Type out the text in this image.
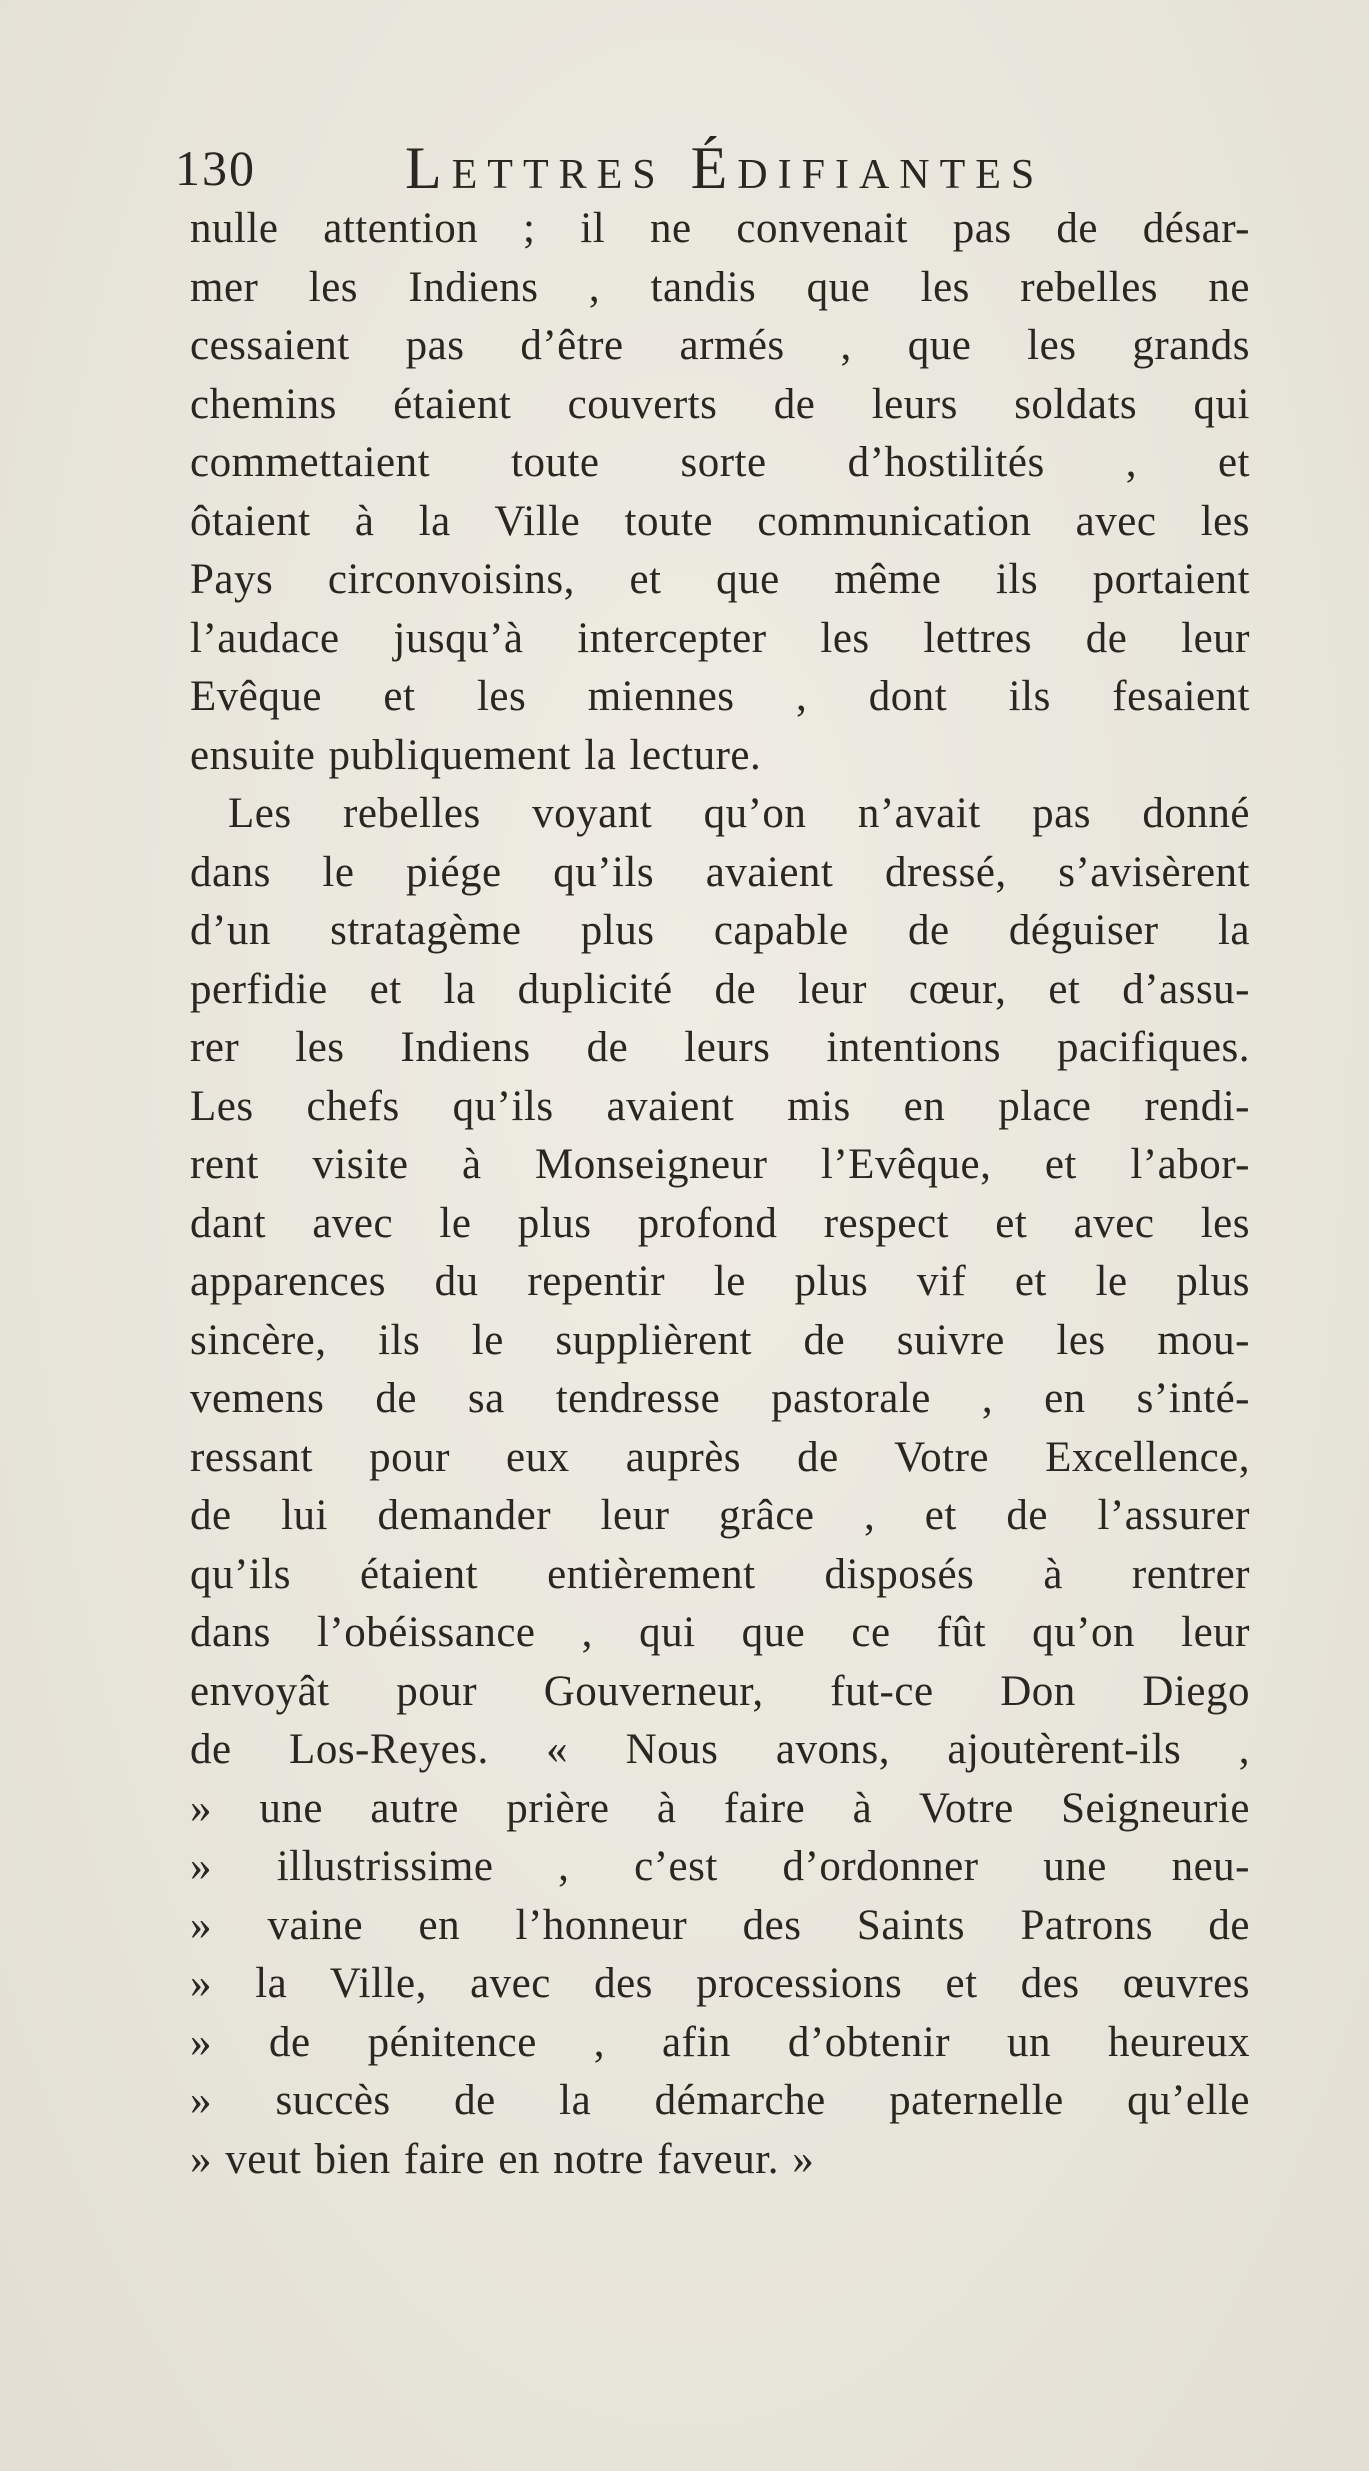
130 Lettres Édifiantes
nulle attention ; il ne convenait pas de désar-
mer les Indiens , tandis que les rebelles ne
cessaient pas d’être armés , que les grands
chemins étaient couverts de leurs soldats qui
commettaient toute sorte d’hostilités , et
ôtaient à la Ville toute communication avec les
Pays circonvoisins, et que même ils portaient
l’audace jusqu’à intercepter les lettres de leur
Evêque et les miennes , dont ils fesaient
ensuite publiquement la lecture.
Les rebelles voyant qu’on n’avait pas donné
dans le piége qu’ils avaient dressé, s’avisèrent
d’un stratagème plus capable de déguiser la
perfidie et la duplicité de leur cœur, et d’assu-
rer les Indiens de leurs intentions pacifiques.
Les chefs qu’ils avaient mis en place rendi-
rent visite à Monseigneur l’Evêque, et l’abor-
dant avec le plus profond respect et avec les
apparences du repentir le plus vif et le plus
sincère, ils le supplièrent de suivre les mou-
vemens de sa tendresse pastorale , en s’inté-
ressant pour eux auprès de Votre Excellence,
de lui demander leur grâce , et de l’assurer
qu’ils étaient entièrement disposés à rentrer
dans l’obéissance , qui que ce fût qu’on leur
envoyât pour Gouverneur, fut-ce Don Diego
de Los-Reyes. « Nous avons, ajoutèrent-ils ,
» une autre prière à faire à Votre Seigneurie
» illustrissime , c’est d’ordonner une neu-
» vaine en l’honneur des Saints Patrons de
» la Ville, avec des processions et des œuvres
» de pénitence , afin d’obtenir un heureux
» succès de la démarche paternelle qu’elle
» veut bien faire en notre faveur. »
